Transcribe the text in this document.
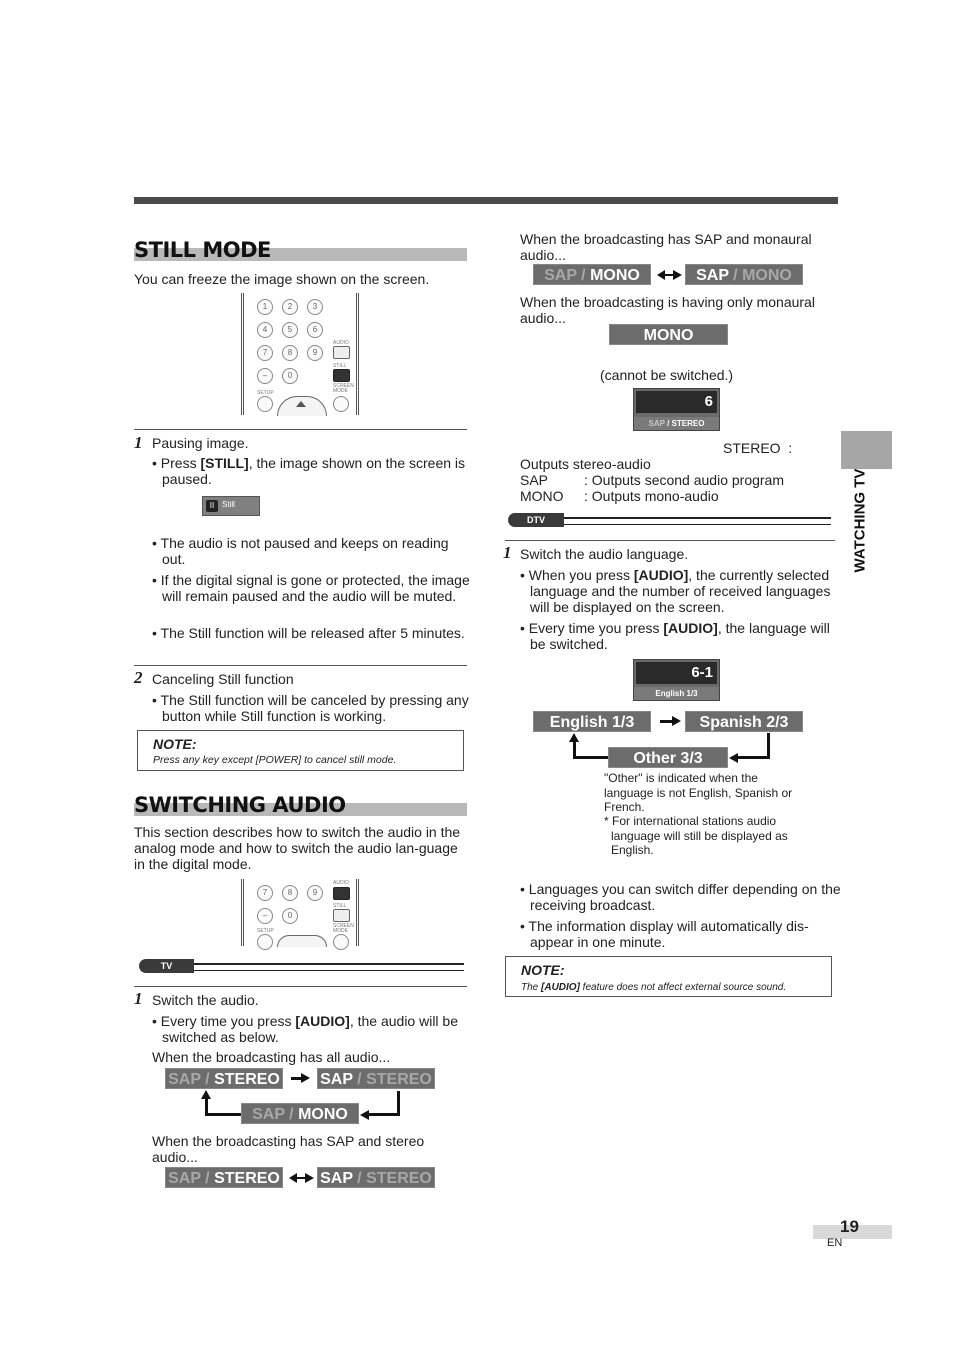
STILL MODE

You can freeze the image shown on the screen.

1	2	3
4	5	6
7	8	9
–	0
AUDIO
STILL
SCREEN MODE
SETUP
1 Pausing image.

• Press [STILL], the image shown on the screen is paused.

II Still

• The audio is not paused and keeps on reading out.

• If the digital signal is gone or protected, the image will remain paused and the audio will be muted.

• The Still function will be released after 5 minutes.

2 Canceling Still function

• The Still function will be canceled by pressing any button while Still function is working.

NOTE:
Press any key except [POWER] to cancel still mode.
SWITCHING AUDIO

This section describes how to switch the audio in the analog mode and how to switch the audio lan-guage in the digital mode.

7	8	9
–	0
AUDIO
STILL
SCREEN MODE
SETUP
TV
1 Switch the audio.

• Every time you press [AUDIO], the audio will be switched as below.

When the broadcasting has all audio...

SAP / STEREO	SAP / STEREO
SAP / MONO

When the broadcasting has SAP and stereo audio...

SAP / STEREO	SAP / STEREO

When the broadcasting has SAP and monaural audio...

SAP / MONO	SAP / MONO

When the broadcasting is having only monaural audio...

MONO

(cannot be switched.)

6
SAP / STEREO

STEREO :

Outputs stereo-audio

SAP	: Outputs second audio program

MONO : Outputs mono-audio

DTV
1 Switch the audio language.

• When you press [AUDIO], the currently selected language and the number of received languages will be displayed on the screen.

• Every time you press [AUDIO], the language will be switched.

6-1
English 1/3
English 1/3	Spanish 2/3
Other 3/3

"Other" is indicated when the language is not English, Spanish or French.

* For international stations audio language will still be displayed as English.

• Languages you can switch differ depending on the receiving broadcast.

• The information display will automatically dis-appear in one minute.

NOTE:
The [AUDIO] feature does not affect external source sound.
WATCHING TV
19
EN
